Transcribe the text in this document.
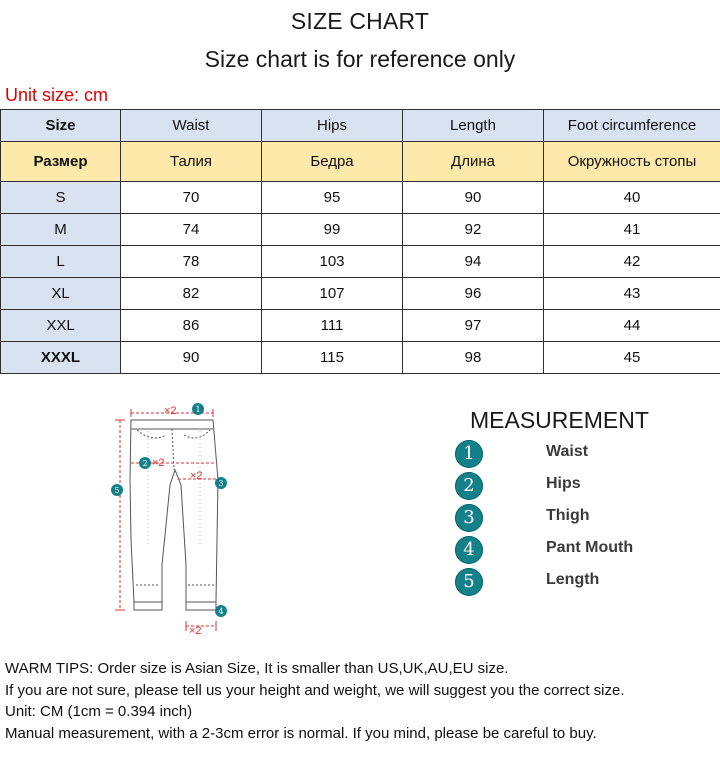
SIZE CHART
Size chart is for reference only
Unit size: cm
Size	Waist	Hips	Length	Foot circumference
Размер	Талия	Бедра	Длина	Окружность стопы
S	70	95	90	40
M	74	99	92	41
L	78	103	94	42
XL	82	107	96	43
XXL	86	111	97	44
XXXL	90	115	98	45
×2
×2
×2
×2
1
2
3
4
5
MEASUREMENT
1	Waist
2	Hips
3	Thigh
4	Pant Mouth
5	Length
WARM TIPS: Order size is Asian Size, It is smaller than US,UK,AU,EU size.
If you are not sure, please tell us your height and weight, we will suggest you the correct size.
Unit: CM (1cm = 0.394 inch)
Manual measurement, with a 2-3cm error is normal. If you mind, please be careful to buy.
